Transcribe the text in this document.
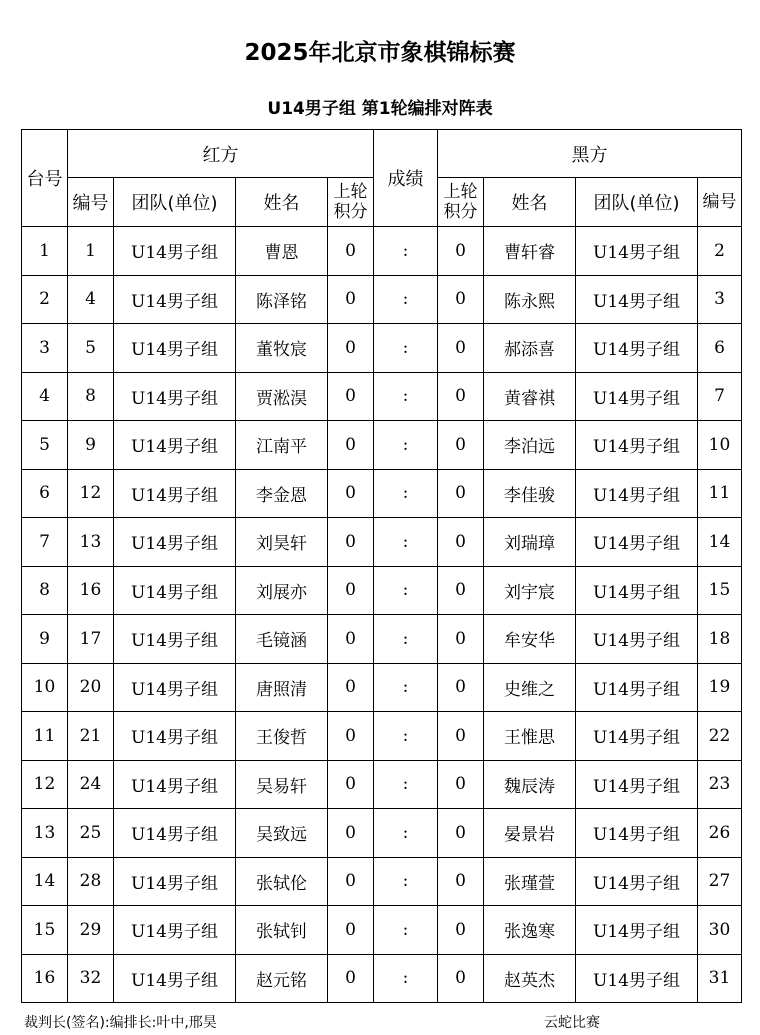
2025年北京市象棋锦标赛
U14男子组 第1轮编排对阵表
台号	红方				成绩	黑方			
	编号	团队(单位)	姓名	上轮积分		上轮积分	姓名	团队(单位)	编号
1	1	U14男子组	曹恩	0	:	0	曹轩睿	U14男子组	2
2	4	U14男子组	陈泽铭	0	:	0	陈永熙	U14男子组	3
3	5	U14男子组	董牧宸	0	:	0	郝添喜	U14男子组	6
4	8	U14男子组	贾淞淏	0	:	0	黄睿祺	U14男子组	7
5	9	U14男子组	江南平	0	:	0	李泊远	U14男子组	10
6	12	U14男子组	李金恩	0	:	0	李佳骏	U14男子组	11
7	13	U14男子组	刘昊轩	0	:	0	刘瑞璋	U14男子组	14
8	16	U14男子组	刘展亦	0	:	0	刘宇宸	U14男子组	15
9	17	U14男子组	毛镜涵	0	:	0	牟安华	U14男子组	18
10	20	U14男子组	唐照清	0	:	0	史维之	U14男子组	19
11	21	U14男子组	王俊哲	0	:	0	王惟思	U14男子组	22
12	24	U14男子组	吴易轩	0	:	0	魏辰涛	U14男子组	23
13	25	U14男子组	吴致远	0	:	0	晏景岩	U14男子组	26
14	28	U14男子组	张轼伦	0	:	0	张瑾萱	U14男子组	27
15	29	U14男子组	张轼钊	0	:	0	张逸寒	U14男子组	30
16	32	U14男子组	赵元铭	0	:	0	赵英杰	U14男子组	31
裁判长(签名):编排长:叶中,邢昊	云蛇比赛
